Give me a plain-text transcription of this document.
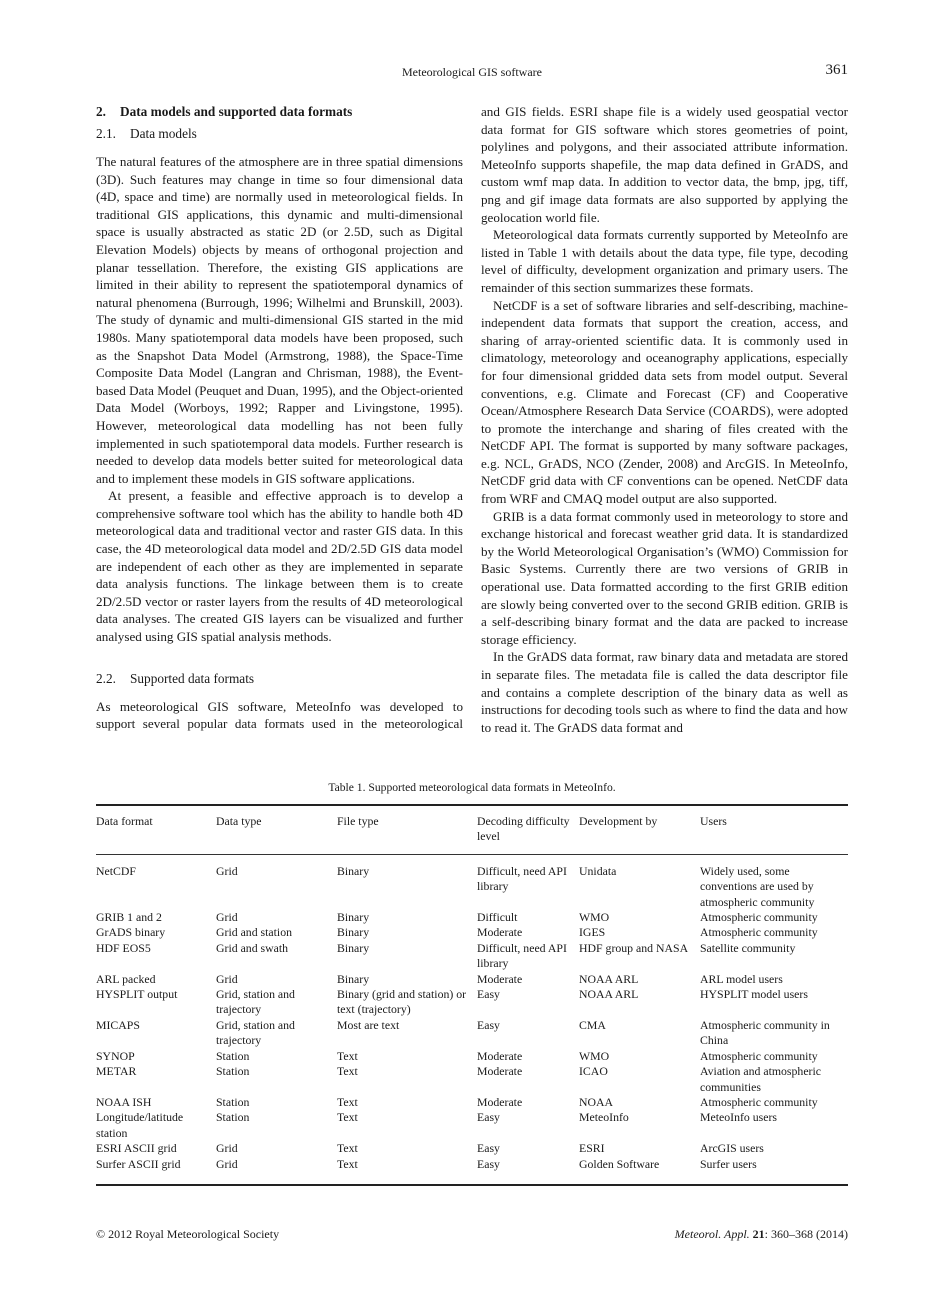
Meteorological GIS software	361
2. Data models and supported data formats
2.1. Data models

The natural features of the atmosphere are in three spatial dimensions (3D). Such features may change in time so four dimensional data (4D, space and time) are normally used in meteorological fields. In traditional GIS applications, this dynamic and multi-dimensional space is usually abstracted as static 2D (or 2.5D, such as Digital Elevation Models) objects by means of orthogonal projection and planar tessellation. Therefore, the existing GIS applications are limited in their ability to represent the spatiotemporal dynamics of natural phenomena (Burrough, 1996; Wilhelmi and Brunskill, 2003). The study of dynamic and multi-dimensional GIS started in the mid 1980s. Many spatiotemporal data models have been proposed, such as the Snapshot Data Model (Armstrong, 1988), the Space-Time Composite Data Model (Langran and Chrisman, 1988), the Event-based Data Model (Peuquet and Duan, 1995), and the Object-oriented Data Model (Worboys, 1992; Rapper and Livingstone, 1995). However, meteorological data modelling has not been fully implemented in such spatiotemporal data models. Further research is needed to develop data models better suited for meteorological data and to implement these models in GIS software applications.

At present, a feasible and effective approach is to develop a comprehensive software tool which has the ability to handle both 4D meteorological data and traditional vector and raster GIS data. In this case, the 4D meteorological data model and 2D/2.5D GIS data model are independent of each other as they are implemented in separate data analysis functions. The linkage between them is to create 2D/2.5D vector or raster layers from the results of 4D meteorological data analyses. The created GIS layers can be visualized and further analysed using GIS spatial analysis methods.

2.2. Supported data formats

As meteorological GIS software, MeteoInfo was developed to support several popular data formats used in the meteorological

and GIS fields. ESRI shape file is a widely used geospatial vector data format for GIS software which stores geometries of point, polylines and polygons, and their associated attribute information. MeteoInfo supports shapefile, the map data defined in GrADS, and custom wmf map data. In addition to vector data, the bmp, jpg, tiff, png and gif image data formats are also supported by applying the geolocation world file.

Meteorological data formats currently supported by MeteoInfo are listed in Table 1 with details about the data type, file type, decoding level of difficulty, development organization and primary users. The remainder of this section summarizes these formats.

NetCDF is a set of software libraries and self-describing, machine-independent data formats that support the creation, access, and sharing of array-oriented scientific data. It is commonly used in climatology, meteorology and oceanography applications, especially for four dimensional gridded data sets from model output. Several conventions, e.g. Climate and Forecast (CF) and Cooperative Ocean/Atmosphere Research Data Service (COARDS), were adopted to promote the interchange and sharing of files created with the NetCDF API. The format is supported by many software packages, e.g. NCL, GrADS, NCO (Zender, 2008) and ArcGIS. In MeteoInfo, NetCDF grid data with CF conventions can be opened. NetCDF data from WRF and CMAQ model output are also supported.

GRIB is a data format commonly used in meteorology to store and exchange historical and forecast weather grid data. It is standardized by the World Meteorological Organisation’s (WMO) Commission for Basic Systems. Currently there are two versions of GRIB in operational use. Data formatted according to the first GRIB edition are slowly being converted over to the second GRIB edition. GRIB is a self-describing binary format and the data are packed to increase storage efficiency.

In the GrADS data format, raw binary data and metadata are stored in separate files. The metadata file is called the data descriptor file and contains a complete description of the binary data as well as instructions for decoding tools such as where to find the data and how to read it. The GrADS data format and

Table 1. Supported meteorological data formats in MeteoInfo.
Data format	Data type	File type	Decoding difficulty level	Development by	Users
NetCDF	Grid	Binary	Difficult, need API library	Unidata	Widely used, some conventions are used by atmospheric community
GRIB 1 and 2	Grid	Binary	Difficult	WMO	Atmospheric community
GrADS binary	Grid and station	Binary	Moderate	IGES	Atmospheric community
HDF EOS5	Grid and swath	Binary	Difficult, need API library	HDF group and NASA	Satellite community
ARL packed	Grid	Binary	Moderate	NOAA ARL	ARL model users
HYSPLIT output	Grid, station and trajectory	Binary (grid and station) or text (trajectory)	Easy	NOAA ARL	HYSPLIT model users
MICAPS	Grid, station and trajectory	Most are text	Easy	CMA	Atmospheric community in China
SYNOP	Station	Text	Moderate	WMO	Atmospheric community
METAR	Station	Text	Moderate	ICAO	Aviation and atmospheric communities
NOAA ISH	Station	Text	Moderate	NOAA	Atmospheric community
Longitude/latitude station	Station	Text	Easy	MeteoInfo	MeteoInfo users
ESRI ASCII grid	Grid	Text	Easy	ESRI	ArcGIS users
Surfer ASCII grid	Grid	Text	Easy	Golden Software	Surfer users
© 2012 Royal Meteorological Society	Meteorol. Appl. 21: 360–368 (2014)
